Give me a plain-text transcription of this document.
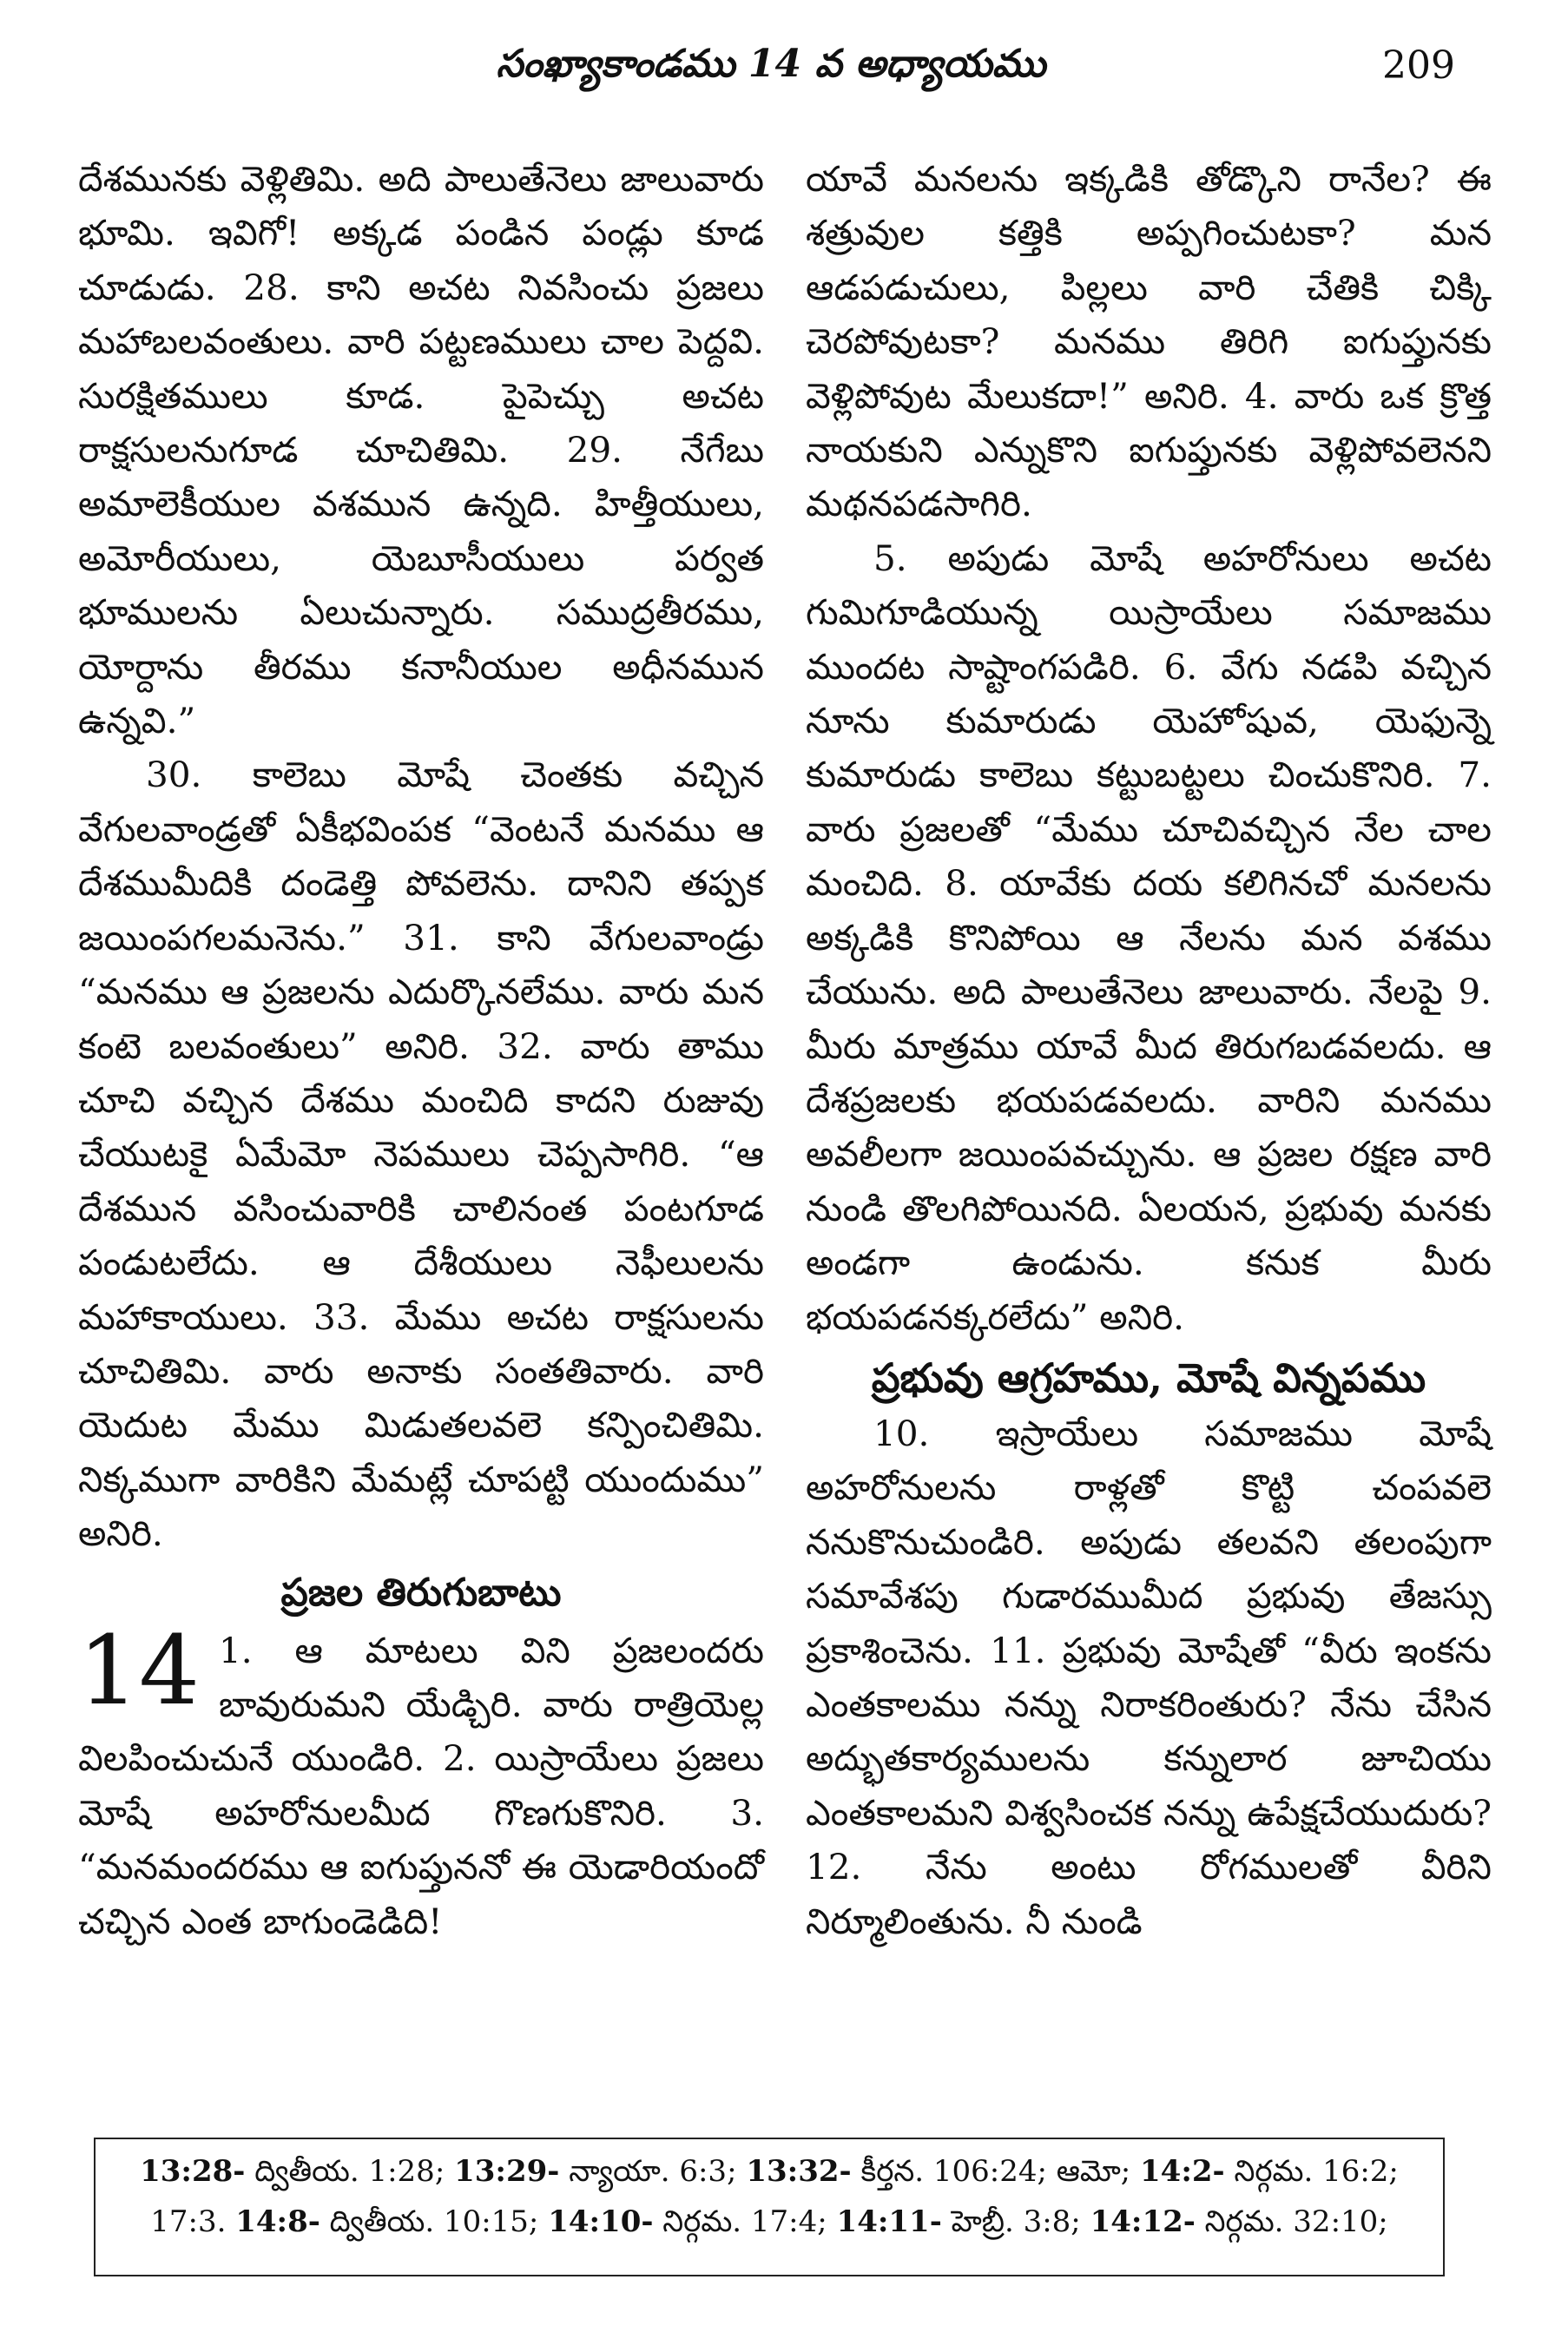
సంఖ్యాకాండము 14 వ అధ్యాయము	209

దేశమునకు వెళ్లితిమి. అది పాలుతేనెలు జాలువారు భూమి. ఇవిగో! అక్కడ పండిన పండ్లు కూడ చూడుడు. 28. కాని అచట నివసించు ప్రజలు మహాబలవంతులు. వారి పట్టణములు చాల పెద్దవి. సురక్షితములు కూడ. పైపెచ్చు అచట రాక్షసులనుగూడ చూచితిమి. 29. నేగేబు అమాలెకీయుల వశమున ఉన్నది. హిత్తీయులు, అమోరీయులు, యెబూసీయులు పర్వత భూములను ఏలుచున్నారు. సముద్రతీరము, యోర్దాను తీరము కనానీయుల అధీనమున ఉన్నవి.”

30. కాలెబు మోషే చెంతకు వచ్చిన వేగులవాండ్రతో ఏకీభవింపక “వెంటనే మనము ఆ దేశముమీదికి దండెత్తి పోవలెను. దానిని తప్పక జయింపగలమనెను.” 31. కాని వేగులవాండ్రు “మనము ఆ ప్రజలను ఎదుర్కొనలేము. వారు మన కంటె బలవంతులు” అనిరి. 32. వారు తాము చూచి వచ్చిన దేశము మంచిది కాదని రుజువు చేయుటకై ఏమేమో నెపములు చెప్పసాగిరి. “ఆ దేశమున వసించువారికి చాలినంత పంటగూడ పండుటలేదు. ఆ దేశీయులు నెఫీలులను మహాకాయులు. 33. మేము అచట రాక్షసులను చూచితిమి. వారు అనాకు సంతతివారు. వారి యెదుట మేము మిడుతలవలె కన్పించితిమి. నిక్కముగా వారికిని మేమట్లే చూపట్టి యుందుము” అనిరి.

ప్రజల తిరుగుబాటు

14 1. ఆ మాటలు విని ప్రజలందరు బావురుమని యేడ్చిరి. వారు రాత్రియెల్ల విలపించుచునే యుండిరి. 2. యిస్రాయేలు ప్రజలు మోషే అహరోనులమీద గొణగుకొనిరి. 3. “మనమందరము ఆ ఐగుప్తుననో ఈ యెడారియందో చచ్చిన ఎంత బాగుండెడిది!

యావే మనలను ఇక్కడికి తోడ్కొని రానేల? ఈ శత్రువుల కత్తికి అప్పగించుటకా? మన ఆడపడుచులు, పిల్లలు వారి చేతికి చిక్కి చెరపోవుటకా? మనము తిరిగి ఐగుప్తునకు వెళ్లిపోవుట మేలుకదా!” అనిరి. 4. వారు ఒక క్రొత్త నాయకుని ఎన్నుకొని ఐగుప్తునకు వెళ్లిపోవలెనని మథనపడసాగిరి.

5. అపుడు మోషే అహరోనులు అచట గుమిగూడియున్న యిస్రాయేలు సమాజము ముందట సాష్టాంగపడిరి. 6. వేగు నడపి వచ్చిన నూను కుమారుడు యెహోషువ, యెఫున్నె కుమారుడు కాలెబు కట్టుబట్టలు చించుకొనిరి. 7. వారు ప్రజలతో “మేము చూచివచ్చిన నేల చాల మంచిది. 8. యావేకు దయ కలిగినచో మనలను అక్కడికి కొనిపోయి ఆ నేలను మన వశము చేయును. అది పాలుతేనెలు జాలువారు. నేలపై 9. మీరు మాత్రము యావే మీద తిరుగబడవలదు. ఆ దేశప్రజలకు భయపడవలదు. వారిని మనము అవలీలగా జయింపవచ్చును. ఆ ప్రజల రక్షణ వారి నుండి తొలగిపోయినది. ఏలయన, ప్రభువు మనకు అండగా ఉండును. కనుక మీరు భయపడనక్కరలేదు” అనిరి.

ప్రభువు ఆగ్రహము, మోషే విన్నపము

10. ఇస్రాయేలు సమాజము మోషే అహరోనులను రాళ్లతో కొట్టి చంపవలె ననుకొనుచుండిరి. అపుడు తలవని తలంపుగా సమావేశపు గుడారముమీద ప్రభువు తేజస్సు ప్రకాశించెను. 11. ప్రభువు మోషేతో “వీరు ఇంకను ఎంతకాలము నన్ను నిరాకరింతురు? నేను చేసిన అద్భుతకార్యములను కన్నులార జూచియు ఎంతకాలమని విశ్వసించక నన్ను ఉపేక్షచేయుదురు? 12. నేను అంటు రోగములతో వీరిని నిర్మూలింతును. నీ నుండి

13:28- ద్వితీయ. 1:28; 13:29- న్యాయా. 6:3; 13:32- కీర్తన. 106:24; ఆమో; 14:2- నిర్గమ. 16:2; 17:3. 14:8- ద్వితీయ. 10:15; 14:10- నిర్గమ. 17:4; 14:11- హెబ్రీ. 3:8; 14:12- నిర్గమ. 32:10;
